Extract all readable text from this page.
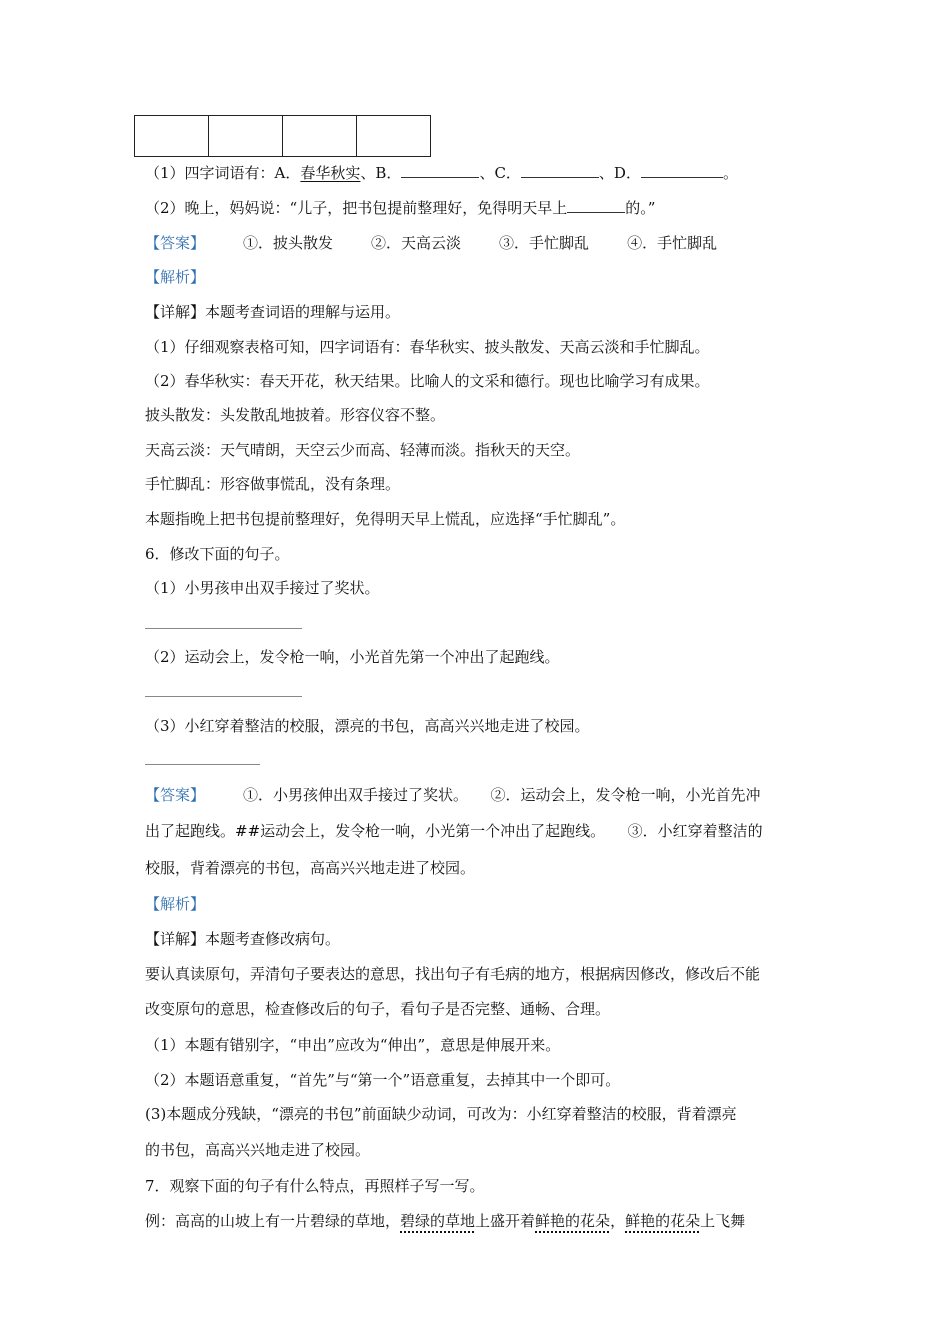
（1）四字词语有：A．春华秋实、B．	、C．	、D．	。
（2）晚上，妈妈说：“儿子，把书包提前整理好，免得明天早上	的。”
【答案】	①．披头散发	②．天高云淡	③．手忙脚乱	④．手忙脚乱
【解析】
【详解】本题考查词语的理解与运用。
（1）仔细观察表格可知，四字词语有：春华秋实、披头散发、天高云淡和手忙脚乱。
（2）春华秋实：春天开花，秋天结果。比喻人的文采和德行。现也比喻学习有成果。
披头散发：头发散乱地披着。形容仪容不整。
天高云淡：天气晴朗，天空云少而高、轻薄而淡。指秋天的天空。
手忙脚乱：形容做事慌乱，没有条理。
本题指晚上把书包提前整理好，免得明天早上慌乱，应选择“手忙脚乱”。
6．修改下面的句子。
（1）小男孩申出双手接过了奖状。
（2）运动会上，发令枪一响，小光首先第一个冲出了起跑线。
（3）小红穿着整洁的校服，漂亮的书包，高高兴兴地走进了校园。
【答案】	①．小男孩伸出双手接过了奖状。　　②．运动会上，发令枪一响，小光首先冲
出了起跑线。##运动会上，发令枪一响，小光第一个冲出了起跑线。　　③．小红穿着整洁的
校服，背着漂亮的书包，高高兴兴地走进了校园。
【解析】
【详解】本题考查修改病句。
要认真读原句，弄清句子要表达的意思，找出句子有毛病的地方，根据病因修改，修改后不能
改变原句的意思，检查修改后的句子，看句子是否完整、通畅、合理。
（1）本题有错别字，“申出”应改为“伸出”，意思是伸展开来。
（2）本题语意重复，“首先”与“第一个”语意重复，去掉其中一个即可。
(3)本题成分残缺，“漂亮的书包”前面缺少动词，可改为：小红穿着整洁的校服，背着漂亮
的书包，高高兴兴地走进了校园。
7．观察下面的句子有什么特点，再照样子写一写。
例：高高的山坡上有一片碧绿的草地，碧绿的草地上盛开着鲜艳的花朵，鲜艳的花朵上飞舞
